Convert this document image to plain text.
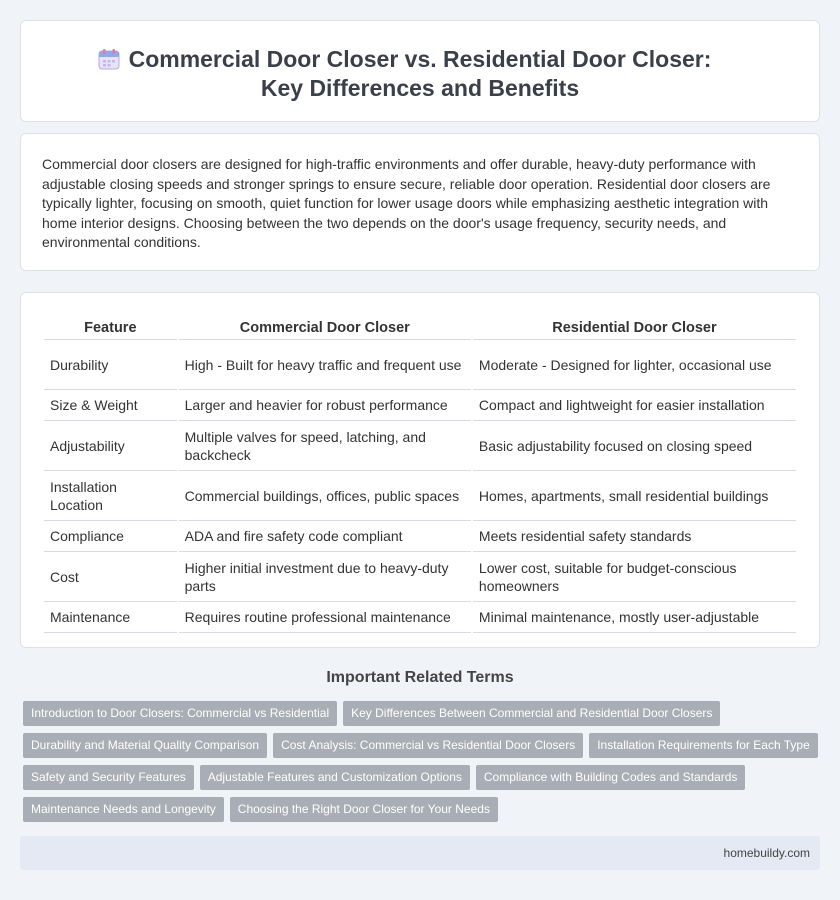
Commercial Door Closer vs. Residential Door Closer: Key Differences and Benefits

Commercial door closers are designed for high-traffic environments and offer durable, heavy-duty performance with adjustable closing speeds and stronger springs to ensure secure, reliable door operation. Residential door closers are typically lighter, focusing on smooth, quiet function for lower usage doors while emphasizing aesthetic integration with home interior designs. Choosing between the two depends on the door's usage frequency, security needs, and environmental conditions.

Feature	Commercial Door Closer	Residential Door Closer
Durability	High - Built for heavy traffic and frequent use	Moderate - Designed for lighter, occasional use
Size & Weight	Larger and heavier for robust performance	Compact and lightweight for easier installation
Adjustability	Multiple valves for speed, latching, and backcheck	Basic adjustability focused on closing speed
Installation Location	Commercial buildings, offices, public spaces	Homes, apartments, small residential buildings
Compliance	ADA and fire safety code compliant	Meets residential safety standards
Cost	Higher initial investment due to heavy-duty parts	Lower cost, suitable for budget-conscious homeowners
Maintenance	Requires routine professional maintenance	Minimal maintenance, mostly user-adjustable
Important Related Terms
Introduction to Door Closers: Commercial vs Residential Key Differences Between Commercial and Residential Door Closers
Durability and Material Quality Comparison Cost Analysis: Commercial vs Residential Door Closers Installation Requirements for Each Type
Safety and Security Features Adjustable Features and Customization Options Compliance with Building Codes and Standards
Maintenance Needs and Longevity Choosing the Right Door Closer for Your Needs
homebuildy.com
